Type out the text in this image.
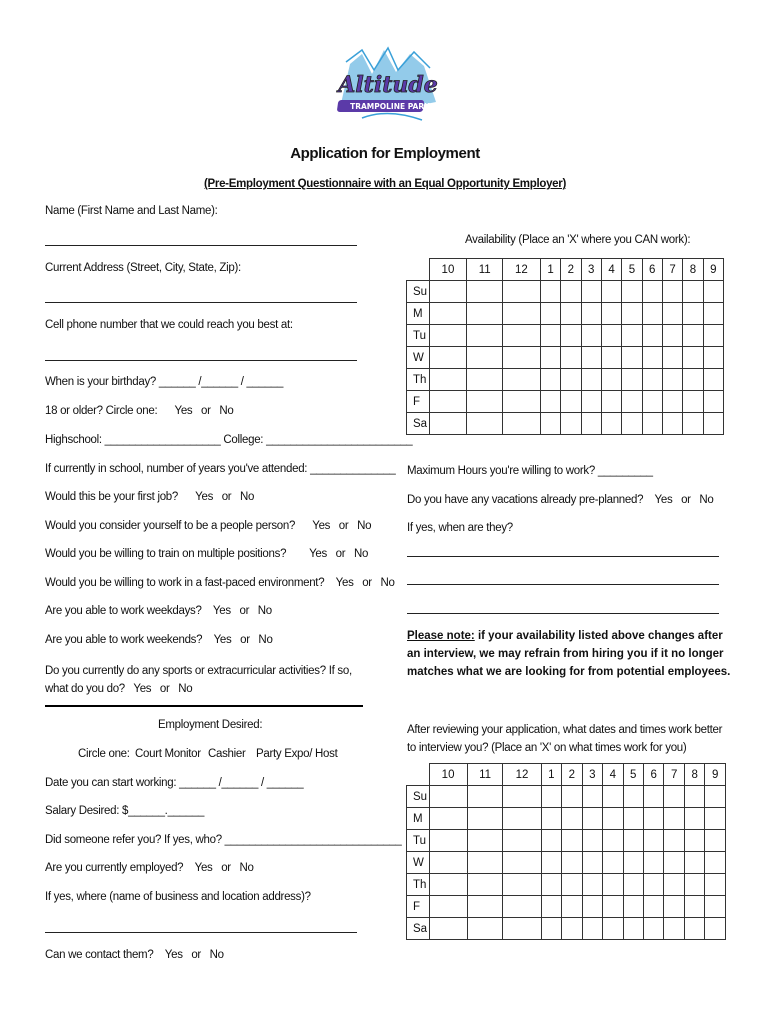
Altitude
TRAMPOLINE PARK
Application for Employment
(Pre-Employment Questionnaire with an Equal Opportunity Employer)
Name (First Name and Last Name):
Current Address (Street, City, State, Zip):
Cell phone number that we could reach you best at:
When is your birthday? ______ /______ / ______
18 or older? Circle one:      Yes   or   No
Highschool: ___________________ College: ________________________
If currently in school, number of years you've attended: ______________
Would this be your first job?      Yes   or   No
Would you consider yourself to be a people person?      Yes   or   No
Would you be willing to train on multiple positions?        Yes   or   No
Would you be willing to work in a fast-paced environment?    Yes   or   No
Are you able to work weekdays?    Yes   or   No
Are you able to work weekends?    Yes   or   No
Do you currently do any sports or extracurricular activities? If so, what do you do?   Yes   or   No
Employment Desired:
Circle one: Court Monitor Cashier Party Expo/ Host
Date you can start working: ______ /______ / ______
Salary Desired: $______.______
Did someone refer you? If yes, who? _____________________________
Are you currently employed?    Yes   or   No
If yes, where (name of business and location address)?
Can we contact them?    Yes   or   No
Availability (Place an 'X' where you CAN work):
	10	11	12	1	2	3	4	5	6	7	8	9
Su												
M												
Tu												
W												
Th												
F												
Sa												
Maximum Hours you're willing to work? _________
Do you have any vacations already pre-planned?    Yes   or   No
If yes, when are they?
Please note: if your availability listed above changes after an interview, we may refrain from hiring you if it no longer matches what we are looking for from potential employees.
After reviewing your application, what dates and times work better to interview you? (Place an 'X' on what times work for you)
	10	11	12	1	2	3	4	5	6	7	8	9
Su												
M												
Tu												
W												
Th												
F												
Sa												
